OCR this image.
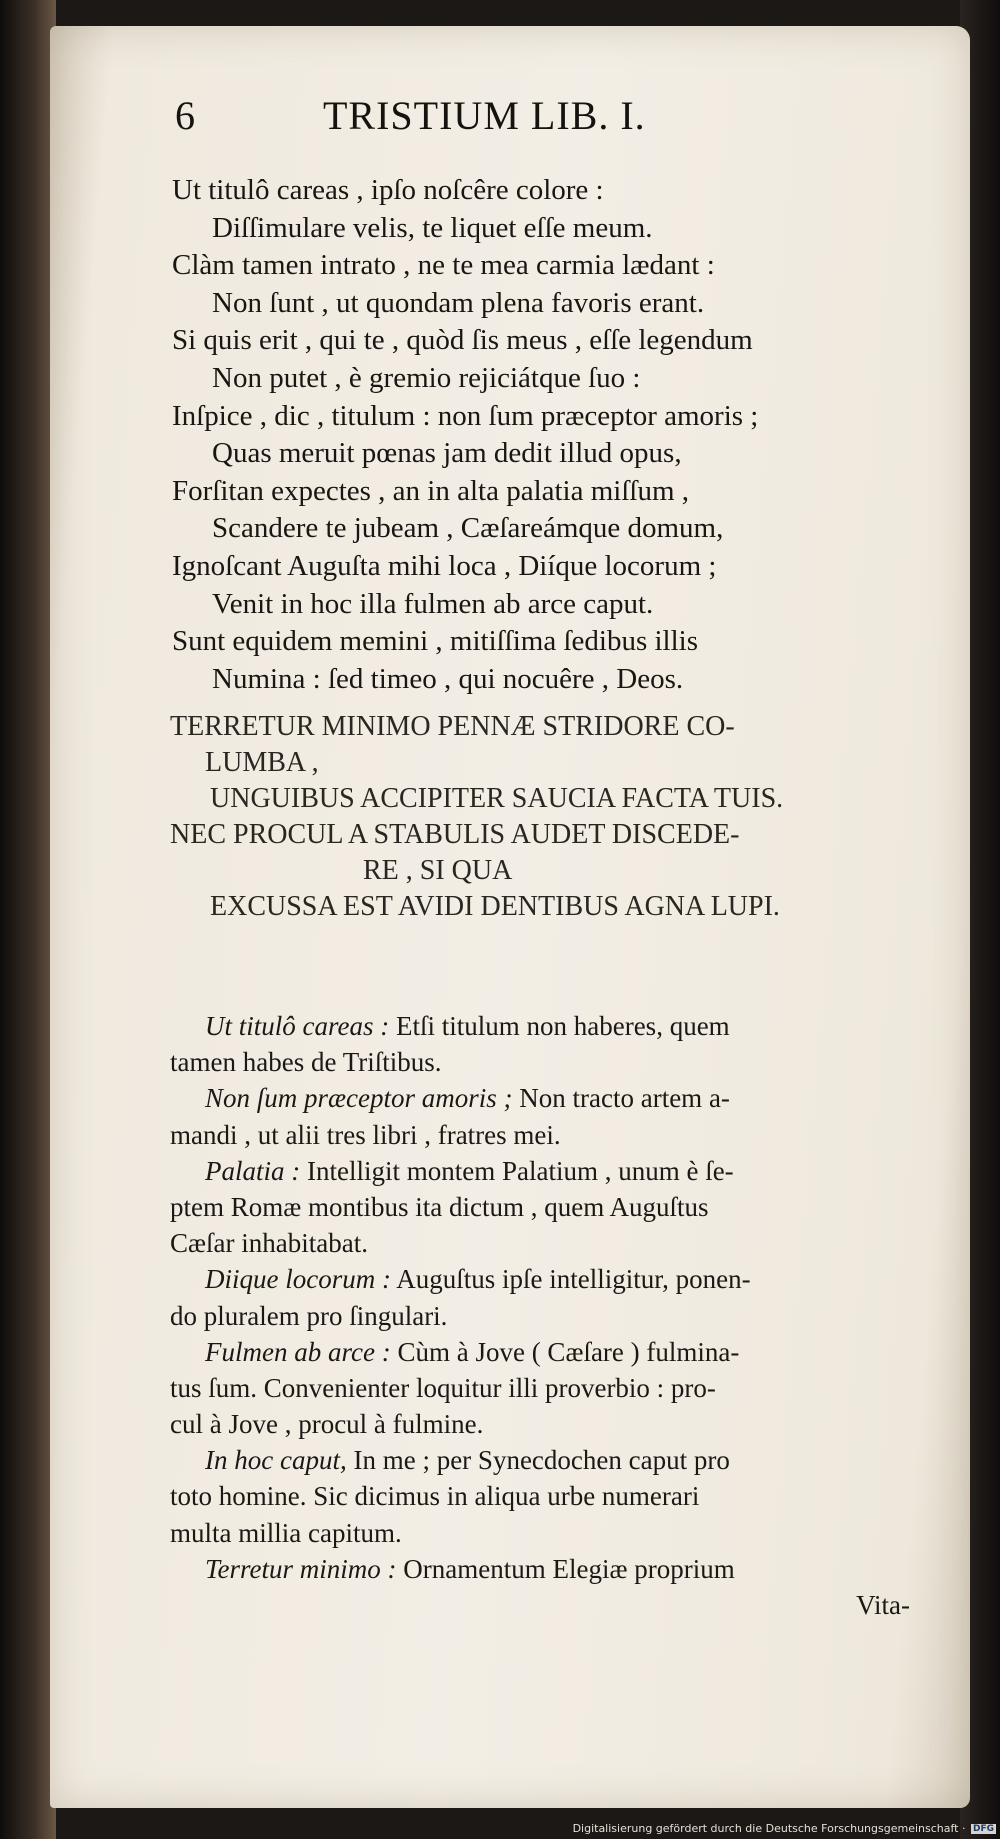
6	TRISTIUM LIB. I.
Ut titulô careas , ipſo noſcêre colore :
Diſſimulare velis, te liquet eſſe meum.
Clàm tamen intrato , ne te mea carmia lædant :
Non ſunt , ut quondam plena favoris erant.
Si quis erit , qui te , quòd ſis meus , eſſe legendum
Non putet , è gremio rejiciátque ſuo :
Inſpice , dic , titulum : non ſum præceptor amoris ;
Quas meruit pœnas jam dedit illud opus,
Forſitan expectes , an in alta palatia miſſum ,
Scandere te jubeam , Cæſareámque domum,
Ignoſcant Auguſta mihi loca , Diíque locorum ;
Venit in hoc illa fulmen ab arce caput.
Sunt equidem memini , mitiſſima ſedibus illis
Numina : ſed timeo , qui nocuêre , Deos.
TERRETUR MINIMO PENNÆ STRIDORE CO-
LUMBA ,
UNGUIBUS ACCIPITER SAUCIA FACTA TUIS.
NEC PROCUL A STABULIS AUDET DISCEDE-
RE , SI QUA
EXCUSSA EST AVIDI DENTIBUS AGNA LUPI.
Ut titulô careas : Etſi titulum non haberes, quem
tamen habes de Triſtibus.
Non ſum præceptor amoris ; Non tracto artem a-
mandi , ut alii tres libri , fratres mei.
Palatia : Intelligit montem Palatium , unum è ſe-
ptem Romæ montibus ita dictum , quem Auguſtus
Cæſar inhabitabat.
Diique locorum : Auguſtus ipſe intelligitur, ponen-
do pluralem pro ſingulari.
Fulmen ab arce : Cùm à Jove ( Cæſare ) fulmina-
tus ſum. Convenienter loquitur illi proverbio : pro-
cul à Jove , procul à fulmine.
In hoc caput, In me ; per Synecdochen caput pro
toto homine. Sic dicimus in aliqua urbe numerari
multa millia capitum.
Terretur minimo : Ornamentum Elegiæ proprium
Vita-
Digitalisierung gefördert durch die Deutsche Forschungsgemeinschaft · DFG
